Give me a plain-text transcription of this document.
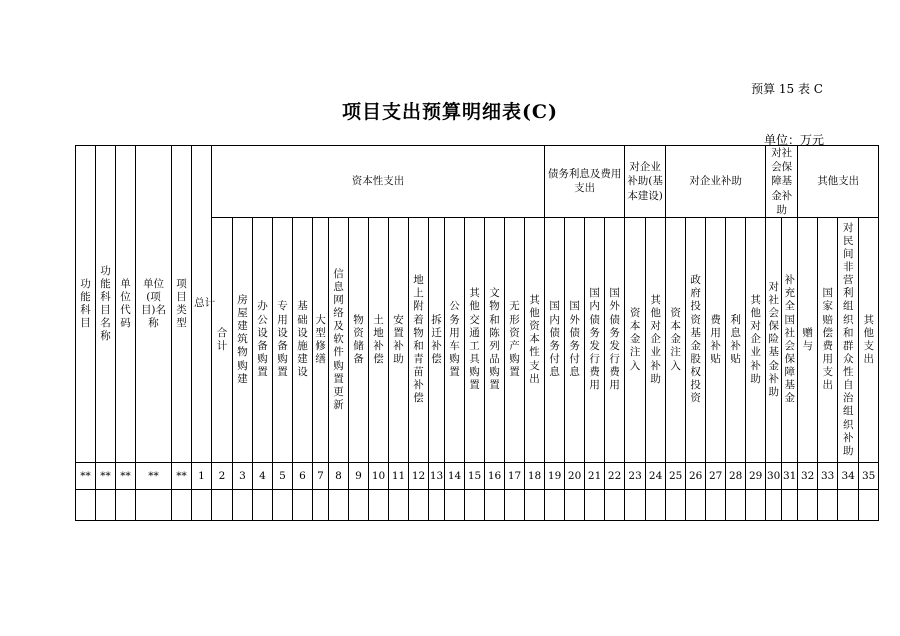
预算 15 表 C
项目支出预算明细表(C)
单位：万元
功能科目	功能科目名称	单位代码	单位(项目)名称	项目类型	总计	资本性支出																	债务利息及费用支出				对企业补助(基本建设)		对企业补助					对社会保障基金补助		其他支出			
						合计	房屋建筑物购建	办公设备购置	专用设备购置	基础设施建设	大型修缮	信息网络及软件购置更新	物资储备	土地补偿	安置补助	地上附着物和青苗补偿	拆迁补偿	公务用车购置	其他交通工具购置	文物和陈列品购置	无形资产购置	其他资本性支出	国内债务付息	国外债务付息	国内债务发行费用	国外债务发行费用	资本金注入	其他对企业补助	资本金注入	政府投资基金股权投资	费用补贴	利息补贴	其他对企业补助	对社会保险基金补助	补充全国社会保障基金	赠与	国家赔偿费用支出	对民间非营利组织和群众性自治组织补助	其他支出
**	**	**	**	**	1	2	3	4	5	6	7	8	9	10	11	12	13	14	15	16	17	18	19	20	21	22	23	24	25	26	27	28	29	30	31	32	33	34	35
